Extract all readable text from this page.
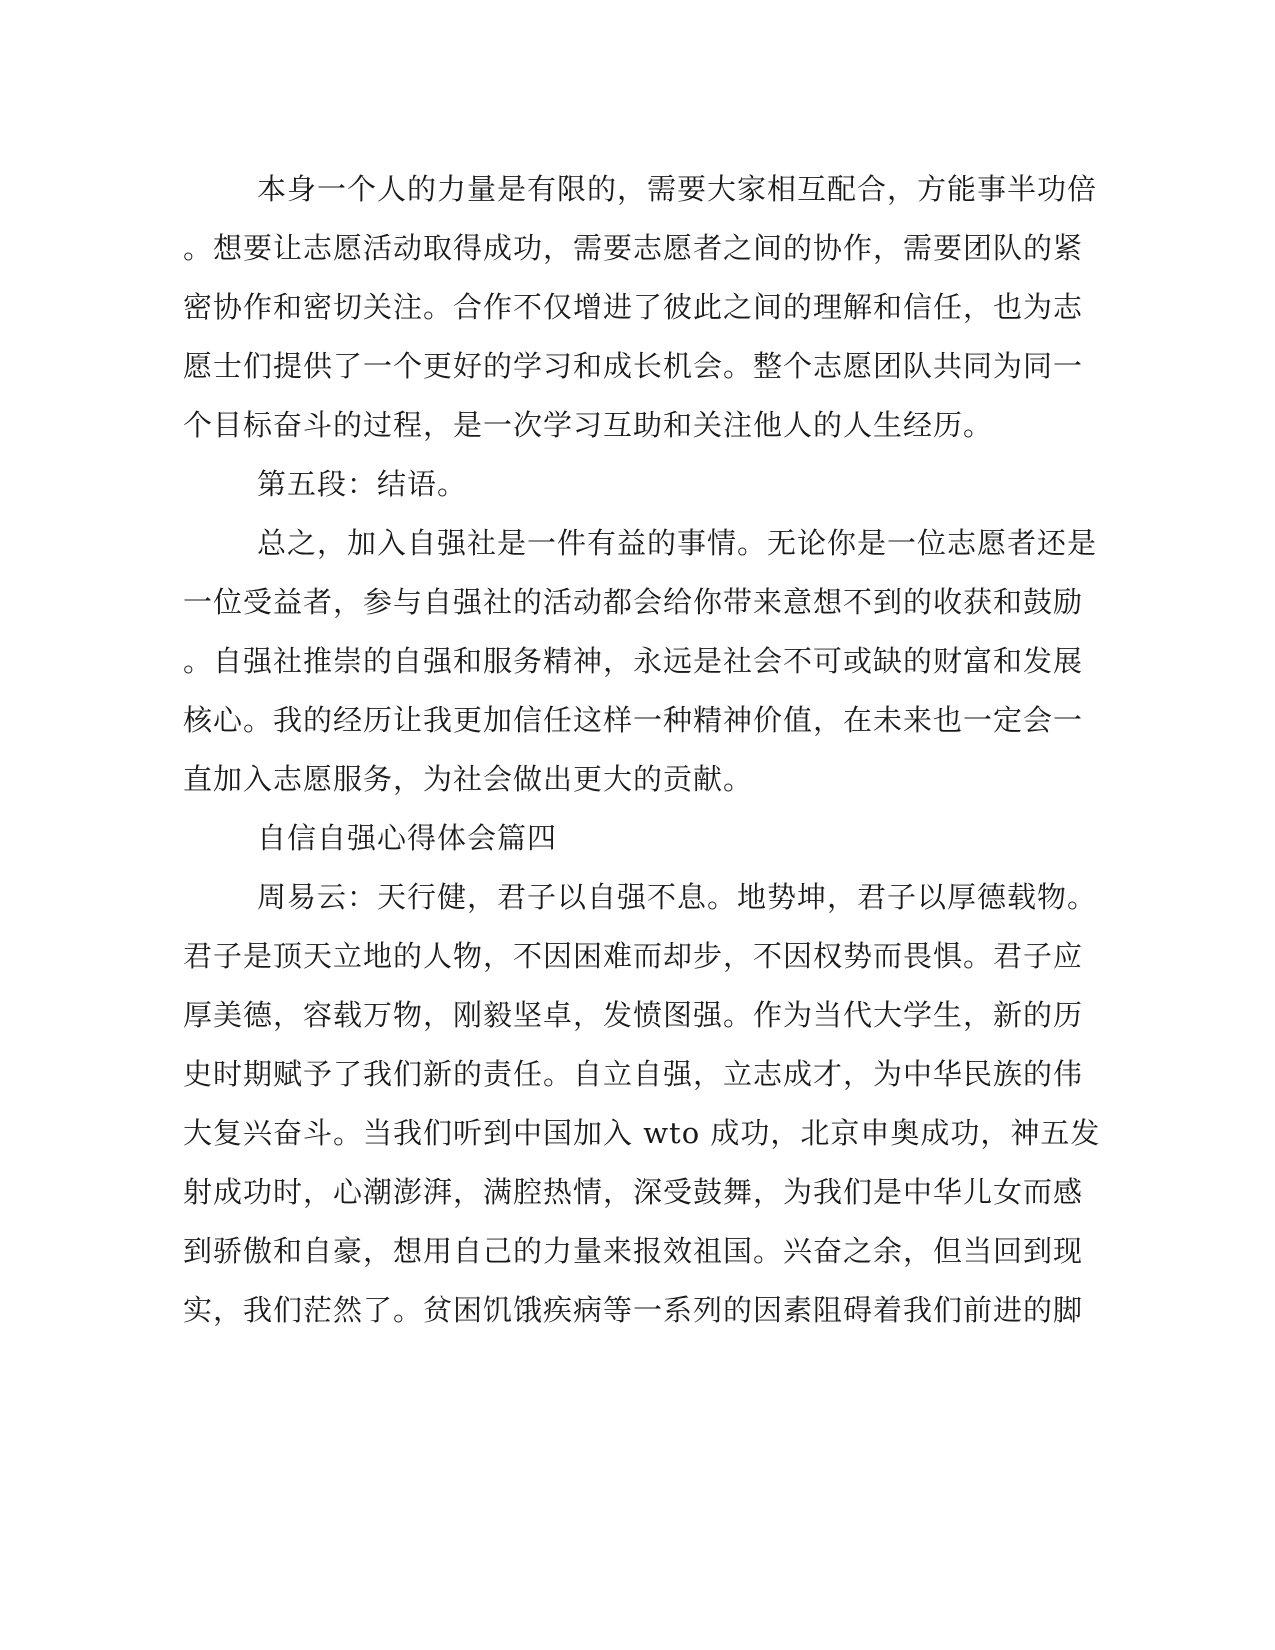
本身一个人的力量是有限的，需要大家相互配合，方能事半功倍
。想要让志愿活动取得成功，需要志愿者之间的协作，需要团队的紧
密协作和密切关注。合作不仅增进了彼此之间的理解和信任，也为志
愿士们提供了一个更好的学习和成长机会。整个志愿团队共同为同一
个目标奋斗的过程，是一次学习互助和关注他人的人生经历。

第五段：结语。

总之，加入自强社是一件有益的事情。无论你是一位志愿者还是
一位受益者，参与自强社的活动都会给你带来意想不到的收获和鼓励
。自强社推崇的自强和服务精神，永远是社会不可或缺的财富和发展
核心。我的经历让我更加信任这样一种精神价值，在未来也一定会一
直加入志愿服务，为社会做出更大的贡献。

自信自强心得体会篇四

周易云：天行健，君子以自强不息。地势坤，君子以厚德载物。
君子是顶天立地的人物，不因困难而却步，不因权势而畏惧。君子应
厚美德，容载万物，刚毅坚卓，发愤图强。作为当代大学生，新的历
史时期赋予了我们新的责任。自立自强，立志成才，为中华民族的伟
大复兴奋斗。当我们听到中国加入 wto 成功，北京申奥成功，神五发
射成功时，心潮澎湃，满腔热情，深受鼓舞，为我们是中华儿女而感
到骄傲和自豪，想用自己的力量来报效祖国。兴奋之余，但当回到现
实，我们茫然了。贫困饥饿疾病等一系列的因素阻碍着我们前进的脚
